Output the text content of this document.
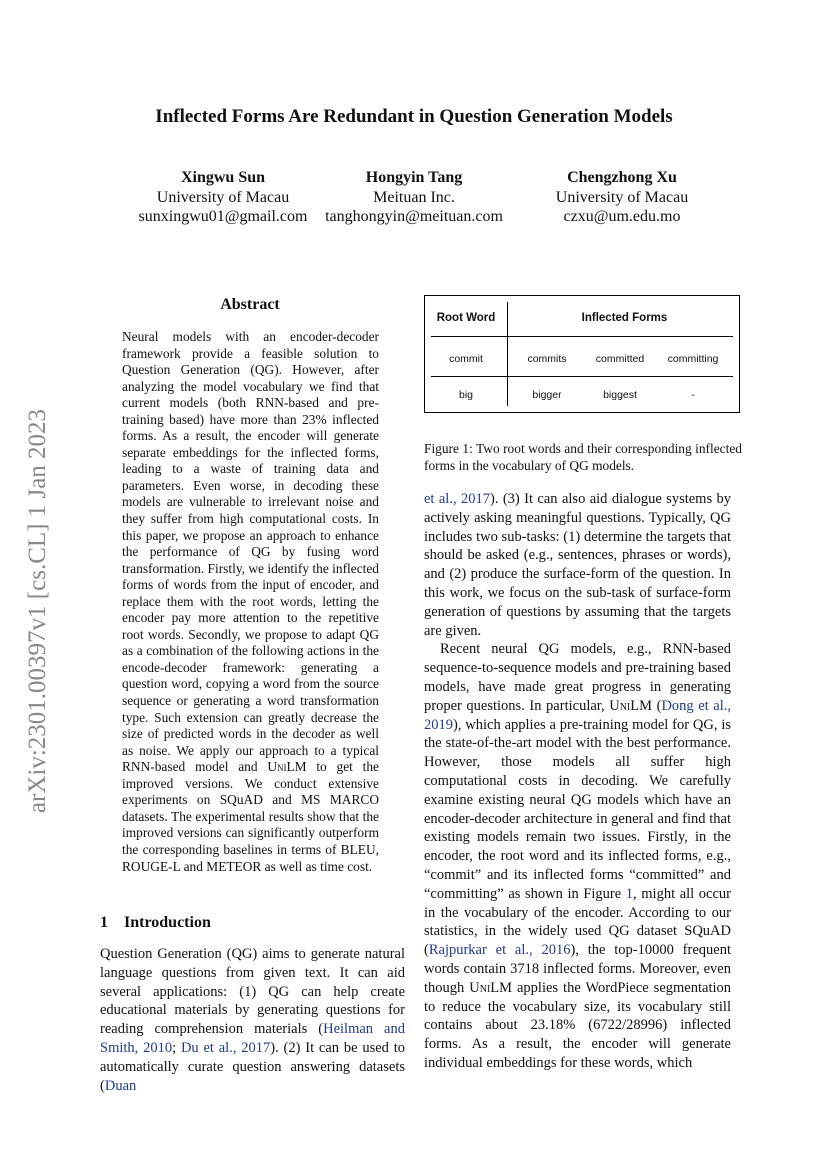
arXiv:2301.00397v1 [cs.CL] 1 Jan 2023
Inflected Forms Are Redundant in Question Generation Models
Xingwu Sun
University of Macau
sunxingwu01@gmail.com
Hongyin Tang
Meituan Inc.
tanghongyin@meituan.com
Chengzhong Xu
University of Macau
czxu@um.edu.mo
Abstract

Neural models with an encoder-decoder framework provide a feasible solution to Question Generation (QG). However, after analyzing the model vocabulary we find that current models (both RNN-based and pre-training based) have more than 23% inflected forms. As a result, the encoder will generate separate embeddings for the inflected forms, leading to a waste of training data and parameters. Even worse, in decoding these models are vulnerable to irrelevant noise and they suffer from high computational costs. In this paper, we propose an approach to enhance the performance of QG by fusing word transformation. Firstly, we identify the inflected forms of words from the input of encoder, and replace them with the root words, letting the encoder pay more attention to the repetitive root words. Secondly, we propose to adapt QG as a combination of the following actions in the encode-decoder framework: generating a question word, copying a word from the source sequence or generating a word transformation type. Such extension can greatly decrease the size of predicted words in the decoder as well as noise. We apply our approach to a typical RNN-based model and UniLM to get the improved versions. We conduct extensive experiments on SQuAD and MS MARCO datasets. The experimental results show that the improved versions can significantly outperform the corresponding baselines in terms of BLEU, ROUGE-L and METEOR as well as time cost.

1 Introduction

Question Generation (QG) aims to generate natural language questions from given text. It can aid several applications: (1) QG can help create educational materials by generating questions for reading comprehension materials (Heilman and Smith, 2010; Du et al., 2017). (2) It can be used to automatically curate question answering datasets (Duan

Root Word	Inflected Forms
commit	commits	committed	committing
big	bigger	biggest	-

Figure 1: Two root words and their corresponding inflected forms in the vocabulary of QG models.

et al., 2017). (3) It can also aid dialogue systems by actively asking meaningful questions. Typically, QG includes two sub-tasks: (1) determine the targets that should be asked (e.g., sentences, phrases or words), and (2) produce the surface-form of the question. In this work, we focus on the sub-task of surface-form generation of questions by assuming that the targets are given.

Recent neural QG models, e.g., RNN-based sequence-to-sequence models and pre-training based models, have made great progress in generating proper questions. In particular, UniLM (Dong et al., 2019), which applies a pre-training model for QG, is the state-of-the-art model with the best performance. However, those models all suffer high computational costs in decoding. We carefully examine existing neural QG models which have an encoder-decoder architecture in general and find that existing models remain two issues. Firstly, in the encoder, the root word and its inflected forms, e.g., “commit” and its inflected forms “committed” and “committing” as shown in Figure 1, might all occur in the vocabulary of the encoder. According to our statistics, in the widely used QG dataset SQuAD (Rajpurkar et al., 2016), the top-10000 frequent words contain 3718 inflected forms. Moreover, even though UniLM applies the WordPiece segmentation to reduce the vocabulary size, its vocabulary still contains about 23.18% (6722/28996) inflected forms. As a result, the encoder will generate individual embeddings for these words, which
